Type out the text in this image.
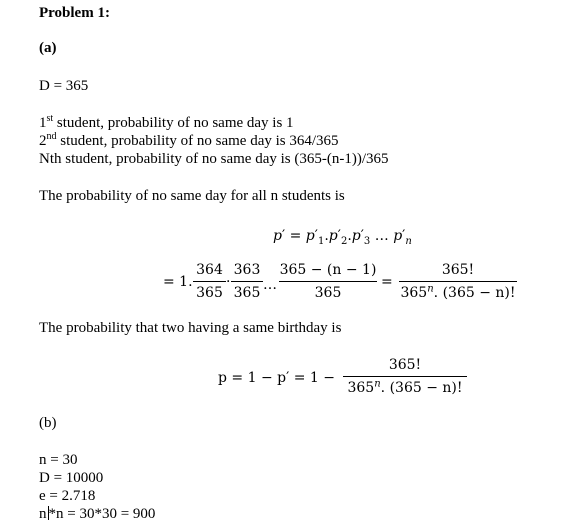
Problem 1:
(a)
D = 365
1st student, probability of no same day is 1
2nd student, probability of no same day is 364/365
Nth student, probability of no same day is (365-(n-1))/365
The probability of no same day for all n students is
$p' = p'_1.p'_2.p'_3$ … $p'_n$
= 1.
364
365
·
363
365 …
365 − (n − 1)
365
=
365!
365$^n$. (365 − n)!
The probability that two having a same birthday is
p = 1 − p′ = 1 −
365!
365$^n$. (365 − n)!
(b)
n = 30
D = 10000
e = 2.718
n *n = 30*30 = 900
